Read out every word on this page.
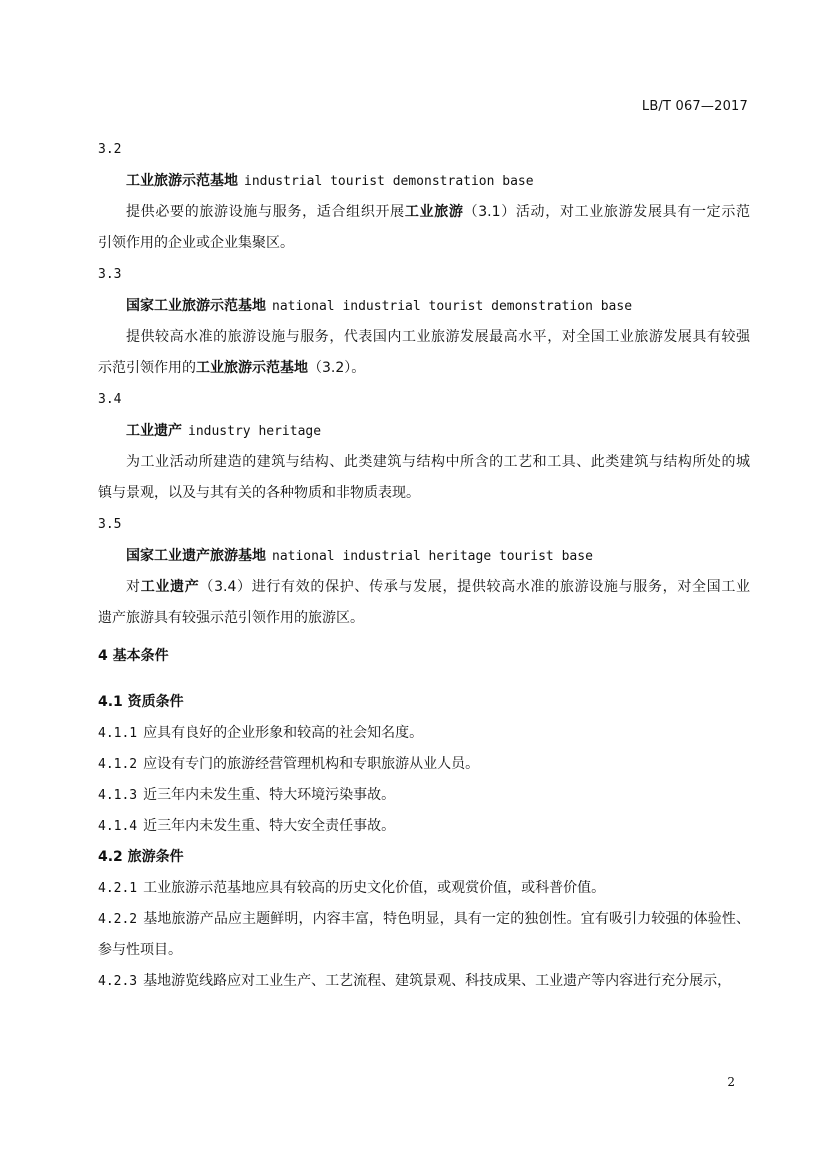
LB/T 067—2017
3.2
工业旅游示范基地 industrial tourist demonstration base
提供必要的旅游设施与服务，适合组织开展工业旅游（3.1）活动，对工业旅游发展具有一定示范
引领作用的企业或企业集聚区。
3.3
国家工业旅游示范基地 national industrial tourist demonstration base
提供较高水准的旅游设施与服务，代表国内工业旅游发展最高水平，对全国工业旅游发展具有较强
示范引领作用的工业旅游示范基地（3.2）。
3.4
工业遗产 industry heritage
为工业活动所建造的建筑与结构、此类建筑与结构中所含的工艺和工具、此类建筑与结构所处的城
镇与景观，以及与其有关的各种物质和非物质表现。
3.5
国家工业遗产旅游基地 national industrial heritage tourist base
对工业遗产（3.4）进行有效的保护、传承与发展，提供较高水准的旅游设施与服务，对全国工业
遗产旅游具有较强示范引领作用的旅游区。
4 基本条件
4.1 资质条件
4.1.1 应具有良好的企业形象和较高的社会知名度。
4.1.2 应设有专门的旅游经营管理机构和专职旅游从业人员。
4.1.3 近三年内未发生重、特大环境污染事故。
4.1.4 近三年内未发生重、特大安全责任事故。
4.2 旅游条件
4.2.1 工业旅游示范基地应具有较高的历史文化价值，或观赏价值，或科普价值。
4.2.2 基地旅游产品应主题鲜明，内容丰富，特色明显，具有一定的独创性。宜有吸引力较强的体验性、
参与性项目。
4.2.3 基地游览线路应对工业生产、工艺流程、建筑景观、科技成果、工业遗产等内容进行充分展示，
2
